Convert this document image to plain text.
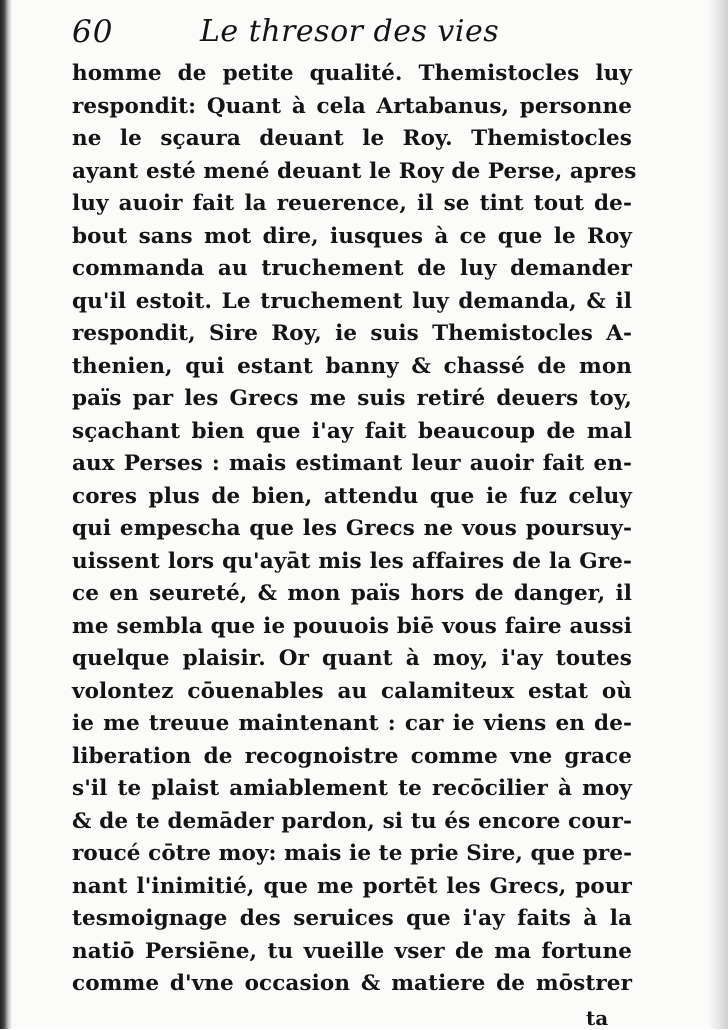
60	Le thresor des vies
homme de petite qualité. Themistocles luy
respondit: Quant à cela Artabanus, personne
ne le sçaura deuant le Roy. Themistocles
ayant esté mené deuant le Roy de Perse, apres
luy auoir fait la reuerence, il se tint tout de-
bout sans mot dire, iusques à ce que le Roy
commanda au truchement de luy demander
qu'il estoit. Le truchement luy demanda, & il
respondit, Sire Roy, ie suis Themistocles A-
thenien, qui estant banny & chassé de mon
païs par les Grecs me suis retiré deuers toy,
sçachant bien que i'ay fait beaucoup de mal
aux Perses : mais estimant leur auoir fait en-
cores plus de bien, attendu que ie fuz celuy
qui empescha que les Grecs ne vous poursuy-
uissent lors qu'ayāt mis les affaires de la Gre-
ce en seureté, & mon païs hors de danger, il
me sembla que ie pouuois biē vous faire aussi
quelque plaisir. Or quant à moy, i'ay toutes
volontez cōuenables au calamiteux estat où
ie me treuue maintenant : car ie viens en de-
liberation de recognoistre comme vne grace
s'il te plaist amiablement te recōcilier à moy
& de te demāder pardon, si tu és encore cour-
roucé cōtre moy: mais ie te prie Sire, que pre-
nant l'inimitié, que me portēt les Grecs, pour
tesmoignage des seruices que i'ay faits à la
natiō Persiēne, tu vueille vser de ma fortune
comme d'vne occasion & matiere de mōstrer
ta
